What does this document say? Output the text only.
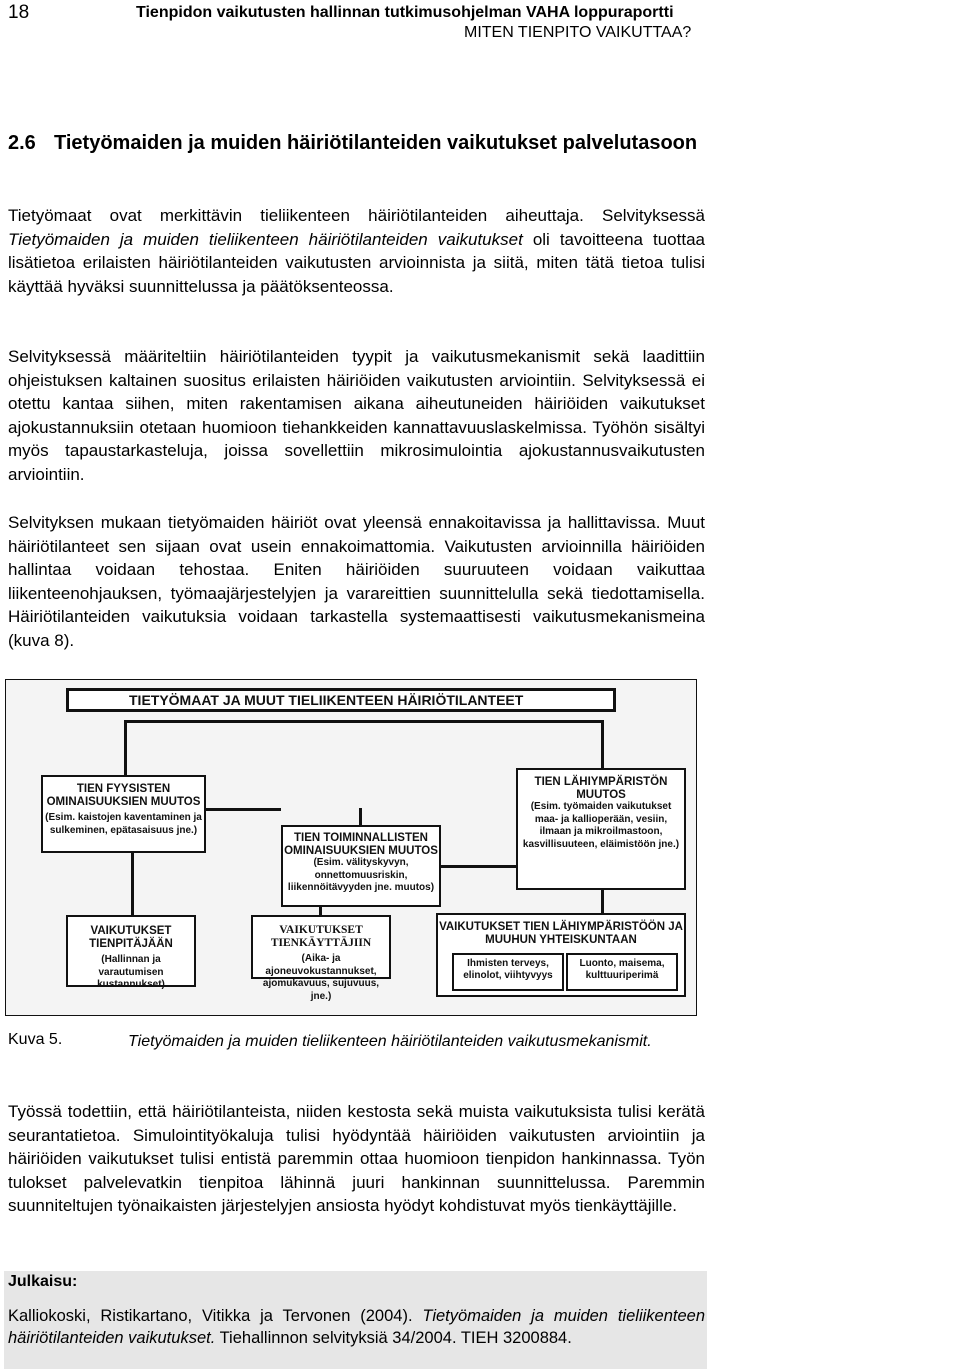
18	Tienpidon vaikutusten hallinnan tutkimusohjelman VAHA loppuraportti
MITEN TIENPITO VAIKUTTAA?
2.6 Tietyömaiden ja muiden häiriötilanteiden vaikutukset palvelutasoon
Tietyömaat ovat merkittävin tieliikenteen häiriötilanteiden aiheuttaja. Selvityksessä Tietyömaiden ja muiden tieliikenteen häiriötilanteiden vaikutukset oli tavoitteena tuottaa lisätietoa erilaisten häiriötilanteiden vaikutusten arvioinnista ja siitä, miten tätä tietoa tulisi käyttää hyväksi suunnittelussa ja päätöksenteossa.
Selvityksessä määriteltiin häiriötilanteiden tyypit ja vaikutusmekanismit sekä laadittiin ohjeistuksen kaltainen suositus erilaisten häiriöiden vaikutusten arviointiin. Selvityksessä ei otettu kantaa siihen, miten rakentamisen aikana aiheutuneiden häiriöiden vaikutukset ajokustannuksiin otetaan huomioon tiehankkeiden kannattavuuslaskelmissa. Työhön sisältyi myös tapaustarkasteluja, joissa sovellettiin mikrosimulointia ajokustannusvaikutusten arviointiin.
Selvityksen mukaan tietyömaiden häiriöt ovat yleensä ennakoitavissa ja hallittavissa. Muut häiriötilanteet sen sijaan ovat usein ennakoimattomia. Vaikutusten arvioinnilla häiriöiden hallintaa voidaan tehostaa. Eniten häiriöiden suuruuteen voidaan vaikuttaa liikenteenohjauksen, työmaajärjestelyjen ja varareittien suunnittelulla sekä tiedottamisella. Häiriötilanteiden vaikutuksia voidaan tarkastella systemaattisesti vaikutusmekanismeina (kuva 8).
TIETYÖMAAT JA MUUT TIELIIKENTEEN HÄIRIÖTILANTEET
TIEN FYYSISTEN OMINAISUUKSIEN MUUTOS
(Esim. kaistojen kaventaminen ja sulkeminen, epätasaisuus jne.)
TIEN TOIMINNALLISTEN OMINAISUUKSIEN MUUTOS
(Esim. välityskyvyn, onnettomuusriskin, liikennöitävyyden jne. muutos)
TIEN LÄHIYMPÄRISTÖN MUUTOS
(Esim. työmaiden vaikutukset maa- ja kallioperään, vesiin, ilmaan ja mikroilmastoon, kasvillisuuteen, eläimistöön jne.)
VAIKUTUKSET TIENPITÄJÄÄN
(Hallinnan ja varautumisen kustannukset)
VAIKUTUKSET TIENKÄYTTÄJIIN
(Aika- ja ajoneuvokustannukset, ajomukavuus, sujuvuus, jne.)
VAIKUTUKSET TIEN LÄHIYMPÄRISTÖÖN JA MUUHUN YHTEISKUNTAAN
Ihmisten terveys, elinolot, viihtyvyys
Luonto, maisema, kulttuuriperimä
Kuva 5.	Tietyömaiden ja muiden tieliikenteen häiriötilanteiden vaikutusmekanismit.
Työssä todettiin, että häiriötilanteista, niiden kestosta sekä muista vaikutuksista tulisi kerätä seurantatietoa. Simulointityökaluja tulisi hyödyntää häiriöiden vaikutusten arviointiin ja häiriöiden vaikutukset tulisi entistä paremmin ottaa huomioon tienpidon hankinnassa. Työn tulokset palvelevatkin tienpitoa lähinnä juuri hankinnan suunnittelussa. Paremmin suunniteltujen työnaikaisten järjestelyjen ansiosta hyödyt kohdistuvat myös tienkäyttäjille.
Julkaisu:
Kalliokoski, Ristikartano, Vitikka ja Tervonen (2004). Tietyömaiden ja muiden tieliikenteen häiriötilanteiden vaikutukset. Tiehallinnon selvityksiä 34/2004. TIEH 3200884.
